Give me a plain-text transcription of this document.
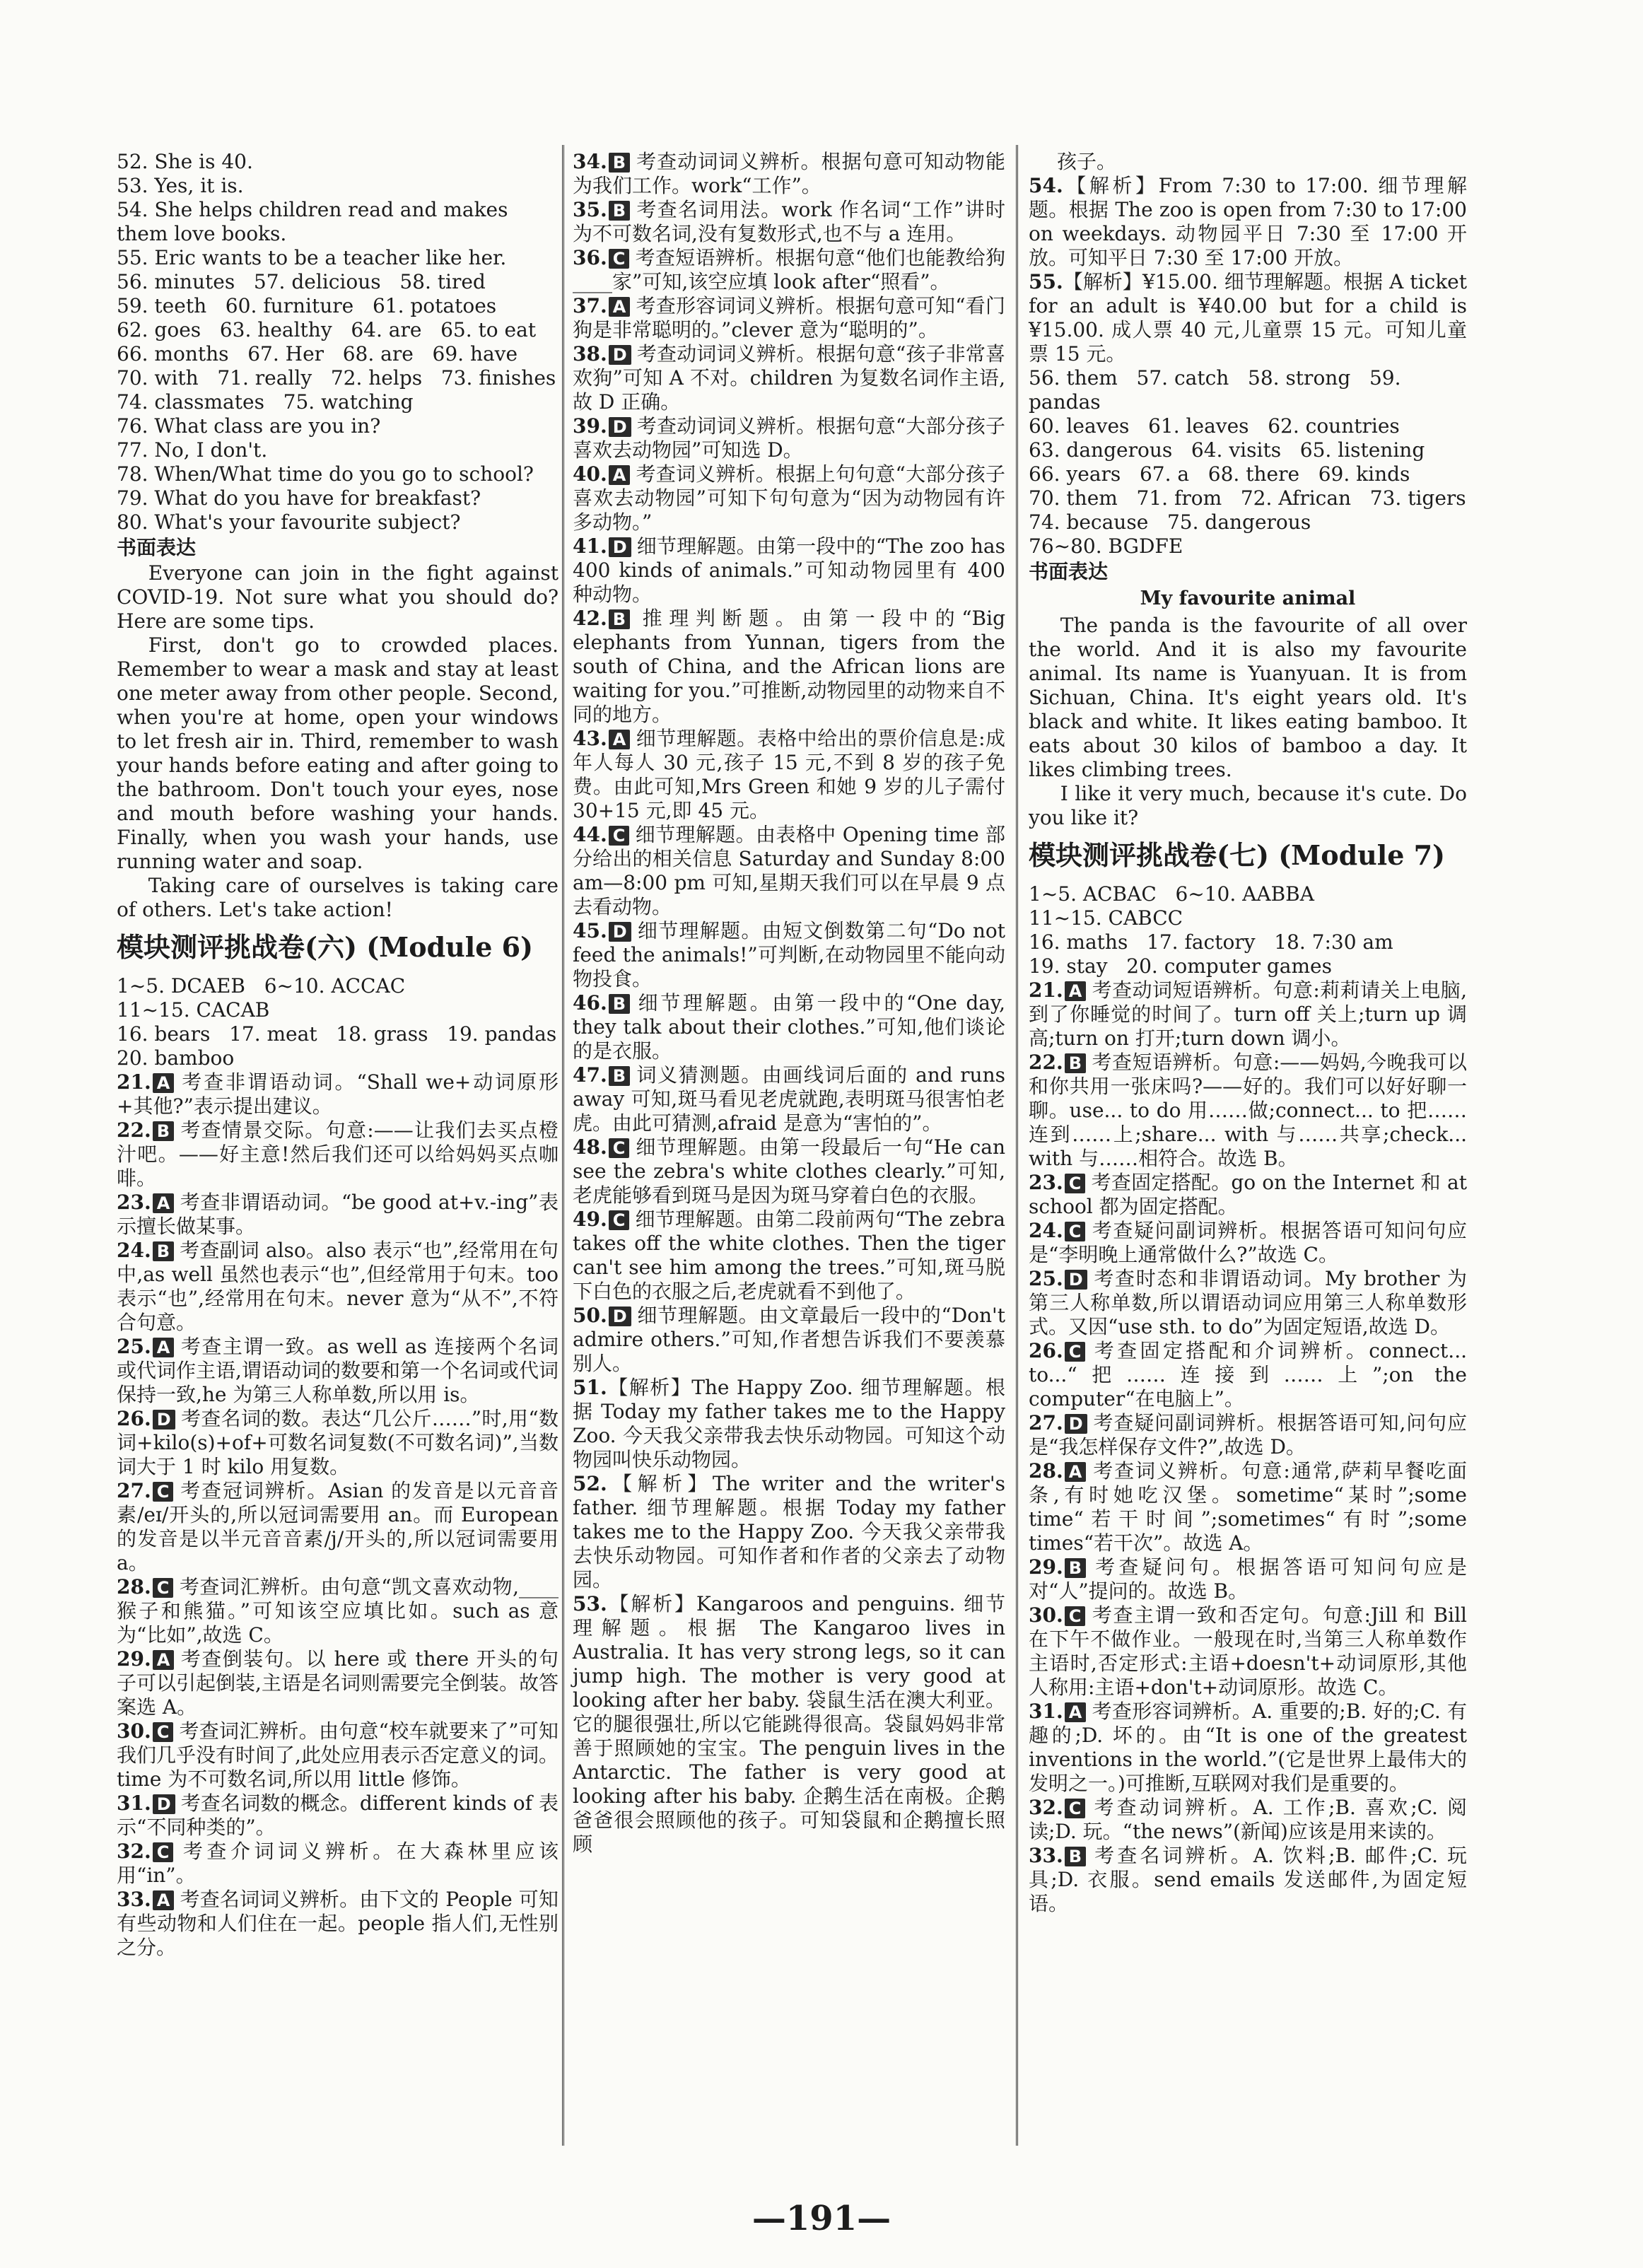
52. She is 40.
53. Yes, it is.
54. She helps children read and makes them love books.
55. Eric wants to be a teacher like her.
56. minutes   57. delicious   58. tired
59. teeth   60. furniture   61. potatoes
62. goes   63. healthy   64. are   65. to eat
66. months   67. Her   68. are   69. have
70. with   71. really   72. helps   73. finishes
74. classmates   75. watching
76. What class are you in?
77. No, I don't.
78. When/What time do you go to school?
79. What do you have for breakfast?
80. What's your favourite subject?
书面表达

Everyone can join in the fight against COVID-19. Not sure what you should do? Here are some tips.

First, don't go to crowded places. Remember to wear a mask and stay at least one meter away from other people. Second, when you're at home, open your windows to let fresh air in. Third, remember to wash your hands before eating and after going to the bathroom. Don't touch your eyes, nose and mouth before washing your hands. Finally, when you wash your hands, use running water and soap.

Taking care of ourselves is taking care of others. Let's take action!

模块测评挑战卷(六) (Module 6)
1~5. DCAEB   6~10. ACCAC
11~15. CACAB
16. bears   17. meat   18. grass   19. pandas
20. bamboo

21. A 考查非谓语动词。“Shall we+动词原形+其他?”表示提出建议。

22. B 考查情景交际。句意:——让我们去买点橙汁吧。——好主意!然后我们还可以给妈妈买点咖啡。

23. A 考查非谓语动词。“be good at+v.-ing”表示擅长做某事。

24. B 考查副词 also。also 表示“也”,经常用在句中,as well 虽然也表示“也”,但经常用于句末。too 表示“也”,经常用在句末。never 意为“从不”,不符合句意。

25. A 考查主谓一致。as well as 连接两个名词或代词作主语,谓语动词的数要和第一个名词或代词保持一致,he 为第三人称单数,所以用 is。

26. D 考查名词的数。表达“几公斤……”时,用“数词+kilo(s)+of+可数名词复数(不可数名词)”,当数词大于 1 时 kilo 用复数。

27. C 考查冠词辨析。Asian 的发音是以元音音素/eɪ/开头的,所以冠词需要用 an。而 European 的发音是以半元音音素/j/开头的,所以冠词需要用 a。

28. C 考查词汇辨析。由句意“凯文喜欢动物,____猴子和熊猫。”可知该空应填比如。such as 意为“比如”,故选 C。

29. A 考查倒装句。以 here 或 there 开头的句子可以引起倒装,主语是名词则需要完全倒装。故答案选 A。

30. C 考查词汇辨析。由句意“校车就要来了”可知我们几乎没有时间了,此处应用表示否定意义的词。time 为不可数名词,所以用 little 修饰。

31. D 考查名词数的概念。different kinds of 表示“不同种类的”。

32. C 考查介词词义辨析。在大森林里应该用“in”。

33. A 考查名词词义辨析。由下文的 People 可知有些动物和人们住在一起。people 指人们,无性别之分。

34. B 考查动词词义辨析。根据句意可知动物能为我们工作。work“工作”。

35. B 考查名词用法。work 作名词“工作”讲时为不可数名词,没有复数形式,也不与 a 连用。

36. C 考查短语辨析。根据句意“他们也能教给狗____家”可知,该空应填 look after“照看”。

37. A 考查形容词词义辨析。根据句意可知“看门狗是非常聪明的。”clever 意为“聪明的”。

38. D 考查动词词义辨析。根据句意“孩子非常喜欢狗”可知 A 不对。children 为复数名词作主语,故 D 正确。

39. D 考查动词词义辨析。根据句意“大部分孩子喜欢去动物园”可知选 D。

40. A 考查词义辨析。根据上句句意“大部分孩子喜欢去动物园”可知下句句意为“因为动物园有许多动物。”

41. D 细节理解题。由第一段中的“The zoo has 400 kinds of animals.”可知动物园里有 400 种动物。

42. B 推理判断题。由第一段中的“Big elephants from Yunnan, tigers from the south of China, and the African lions are waiting for you.”可推断,动物园里的动物来自不同的地方。

43. A 细节理解题。表格中给出的票价信息是:成年人每人 30 元,孩子 15 元,不到 8 岁的孩子免费。由此可知,Mrs Green 和她 9 岁的儿子需付 30+15 元,即 45 元。

44. C 细节理解题。由表格中 Opening time 部分给出的相关信息 Saturday and Sunday 8:00 am—8:00 pm 可知,星期天我们可以在早晨 9 点去看动物。

45. D 细节理解题。由短文倒数第二句“Do not feed the animals!”可判断,在动物园里不能向动物投食。

46. B 细节理解题。由第一段中的“One day, they talk about their clothes.”可知,他们谈论的是衣服。

47. B 词义猜测题。由画线词后面的 and runs away 可知,斑马看见老虎就跑,表明斑马很害怕老虎。由此可猜测,afraid 是意为“害怕的”。

48. C 细节理解题。由第一段最后一句“He can see the zebra's white clothes clearly.”可知,老虎能够看到斑马是因为斑马穿着白色的衣服。

49. C 细节理解题。由第二段前两句“The zebra takes off the white clothes. Then the tiger can't see him among the trees.”可知,斑马脱下白色的衣服之后,老虎就看不到他了。

50. D 细节理解题。由文章最后一段中的“Don't admire others.”可知,作者想告诉我们不要羡慕别人。

51.【解析】The Happy Zoo. 细节理解题。根据 Today my father takes me to the Happy Zoo. 今天我父亲带我去快乐动物园。可知这个动物园叫快乐动物园。

52.【解析】The writer and the writer's father. 细节理解题。根据 Today my father takes me to the Happy Zoo. 今天我父亲带我去快乐动物园。可知作者和作者的父亲去了动物园。

53.【解析】Kangaroos and penguins. 细节理解题。根据 The Kangaroo lives in Australia. It has very strong legs, so it can jump high. The mother is very good at looking after her baby. 袋鼠生活在澳大利亚。它的腿很强壮,所以它能跳得很高。袋鼠妈妈非常善于照顾她的宝宝。The penguin lives in the Antarctic. The father is very good at looking after his baby. 企鹅生活在南极。企鹅爸爸很会照顾他的孩子。可知袋鼠和企鹅擅长照顾

孩子。

54.【解析】From 7:30 to 17:00. 细节理解题。根据 The zoo is open from 7:30 to 17:00 on weekdays. 动物园平日 7:30 至 17:00 开放。可知平日 7:30 至 17:00 开放。

55.【解析】¥15.00. 细节理解题。根据 A ticket for an adult is ¥40.00 but for a child is ¥15.00. 成人票 40 元,儿童票 15 元。可知儿童票 15 元。

56. them   57. catch   58. strong   59. pandas
60. leaves   61. leaves   62. countries
63. dangerous   64. visits   65. listening
66. years   67. a   68. there   69. kinds
70. them   71. from   72. African   73. tigers
74. because   75. dangerous
76~80. BGDFE
书面表达
My favourite animal

The panda is the favourite of all over the world. And it is also my favourite animal. Its name is Yuanyuan. It is from Sichuan, China. It's eight years old. It's black and white. It likes eating bamboo. It eats about 30 kilos of bamboo a day. It likes climbing trees.

I like it very much, because it's cute. Do you like it?

模块测评挑战卷(七) (Module 7)
1~5. ACBAC   6~10. AABBA
11~15. CABCC
16. maths   17. factory   18. 7:30 am
19. stay   20. computer games

21. A 考查动词短语辨析。句意:莉莉请关上电脑,到了你睡觉的时间了。turn off 关上;turn up 调高;turn on 打开;turn down 调小。

22. B 考查短语辨析。句意:——妈妈,今晚我可以和你共用一张床吗?——好的。我们可以好好聊一聊。use... to do 用……做;connect... to 把……连到……上;share... with 与……共享;check... with 与……相符合。故选 B。

23. C 考查固定搭配。go on the Internet 和 at school 都为固定搭配。

24. C 考查疑问副词辨析。根据答语可知问句应是“李明晚上通常做什么?”故选 C。

25. D 考查时态和非谓语动词。My brother 为第三人称单数,所以谓语动词应用第三人称单数形式。又因“use sth. to do”为固定短语,故选 D。

26. C 考查固定搭配和介词辨析。connect... to...“把……连接到……上”;on the computer“在电脑上”。

27. D 考查疑问副词辨析。根据答语可知,问句应是“我怎样保存文件?”,故选 D。

28. A 考查词义辨析。句意:通常,萨莉早餐吃面条,有时她吃汉堡。sometime“某时”;some time“若干时间”;sometimes“有时”;some times“若干次”。故选 A。

29. B 考查疑问句。根据答语可知问句应是对“人”提问的。故选 B。

30. C 考查主谓一致和否定句。句意:Jill 和 Bill 在下午不做作业。一般现在时,当第三人称单数作主语时,否定形式:主语+doesn't+动词原形,其他人称用:主语+don't+动词原形。故选 C。

31. A 考查形容词辨析。A. 重要的;B. 好的;C. 有趣的;D. 坏的。由“It is one of the greatest inventions in the world.”(它是世界上最伟大的发明之一。)可推断,互联网对我们是重要的。

32. C 考查动词辨析。A. 工作;B. 喜欢;C. 阅读;D. 玩。“the news”(新闻)应该是用来读的。

33. B 考查名词辨析。A. 饮料;B. 邮件;C. 玩具;D. 衣服。send emails 发送邮件,为固定短语。

—191—
